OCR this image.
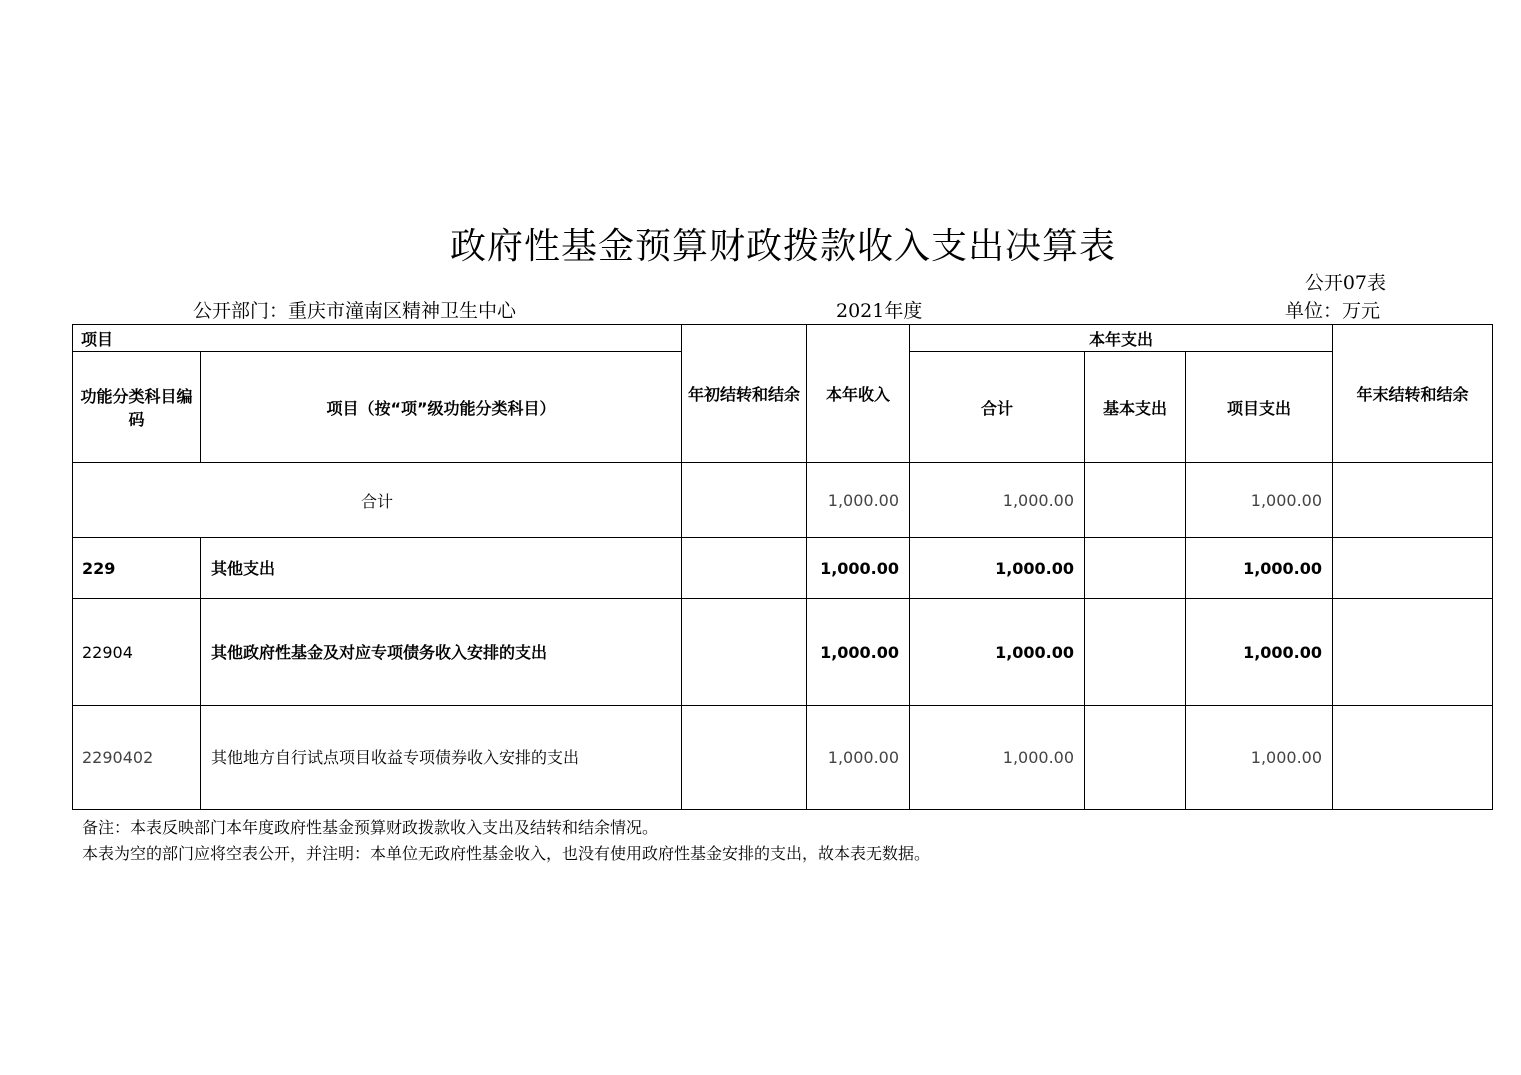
政府性基金预算财政拨款收入支出决算表
公开07表
公开部门：重庆市潼南区精神卫生中心	2021年度	单位：万元
项目		年初结转和结余	本年收入	本年支出			年末结转和结余
功能分类科目编码	项目（按“项”级功能分类科目）			合计	基本支出	项目支出	
合计			1,000.00	1,000.00		1,000.00	
229	其他支出		1,000.00	1,000.00		1,000.00	
22904	其他政府性基金及对应专项债务收入安排的支出		1,000.00	1,000.00		1,000.00	
2290402	其他地方自行试点项目收益专项债券收入安排的支出		1,000.00	1,000.00		1,000.00	
备注：本表反映部门本年度政府性基金预算财政拨款收入支出及结转和结余情况。
本表为空的部门应将空表公开，并注明：本单位无政府性基金收入，也没有使用政府性基金安排的支出，故本表无数据。
